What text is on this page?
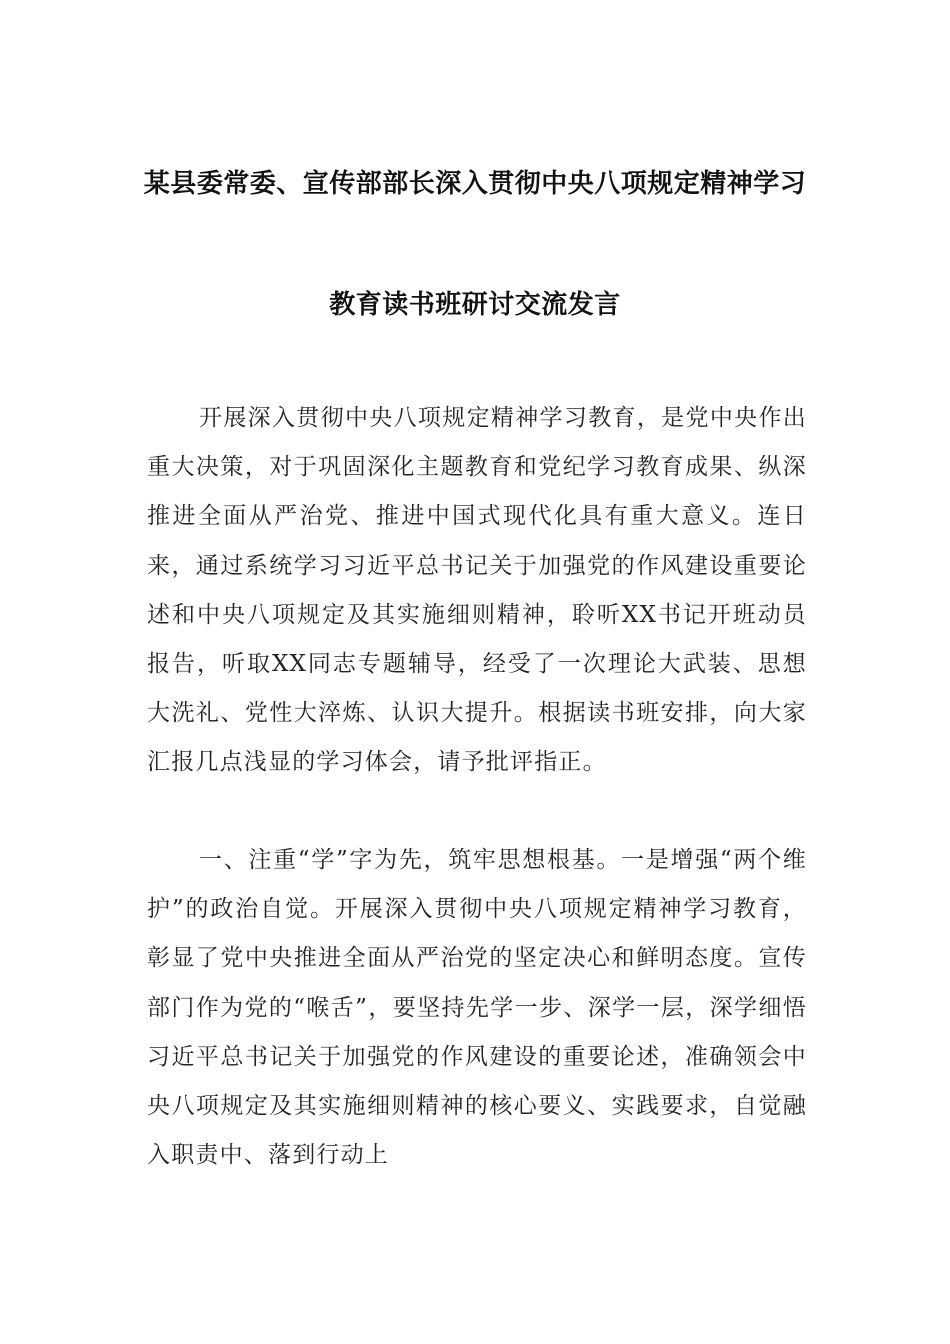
某县委常委、宣传部部长深入贯彻中央八项规定精神学习
教育读书班研讨交流发言

开展深入贯彻中央八项规定精神学习教育，是党中央作出重大决策，对于巩固深化主题教育和党纪学习教育成果、纵深推进全面从严治党、推进中国式现代化具有重大意义。连日来，通过系统学习习近平总书记关于加强党的作风建设重要论述和中央八项规定及其实施细则精神，聆听XX书记开班动员报告，听取XX同志专题辅导，经受了一次理论大武装、思想大洗礼、党性大淬炼、认识大提升。根据读书班安排，向大家汇报几点浅显的学习体会，请予批评指正。

一、注重“学”字为先，筑牢思想根基。一是增强“两个维护”的政治自觉。开展深入贯彻中央八项规定精神学习教育，彰显了党中央推进全面从严治党的坚定决心和鲜明态度。宣传部门作为党的“喉舌”，要坚持先学一步、深学一层，深学细悟习近平总书记关于加强党的作风建设的重要论述，准确领会中央八项规定及其实施细则精神的核心要义、实践要求，自觉融入职责中、落到行动上
